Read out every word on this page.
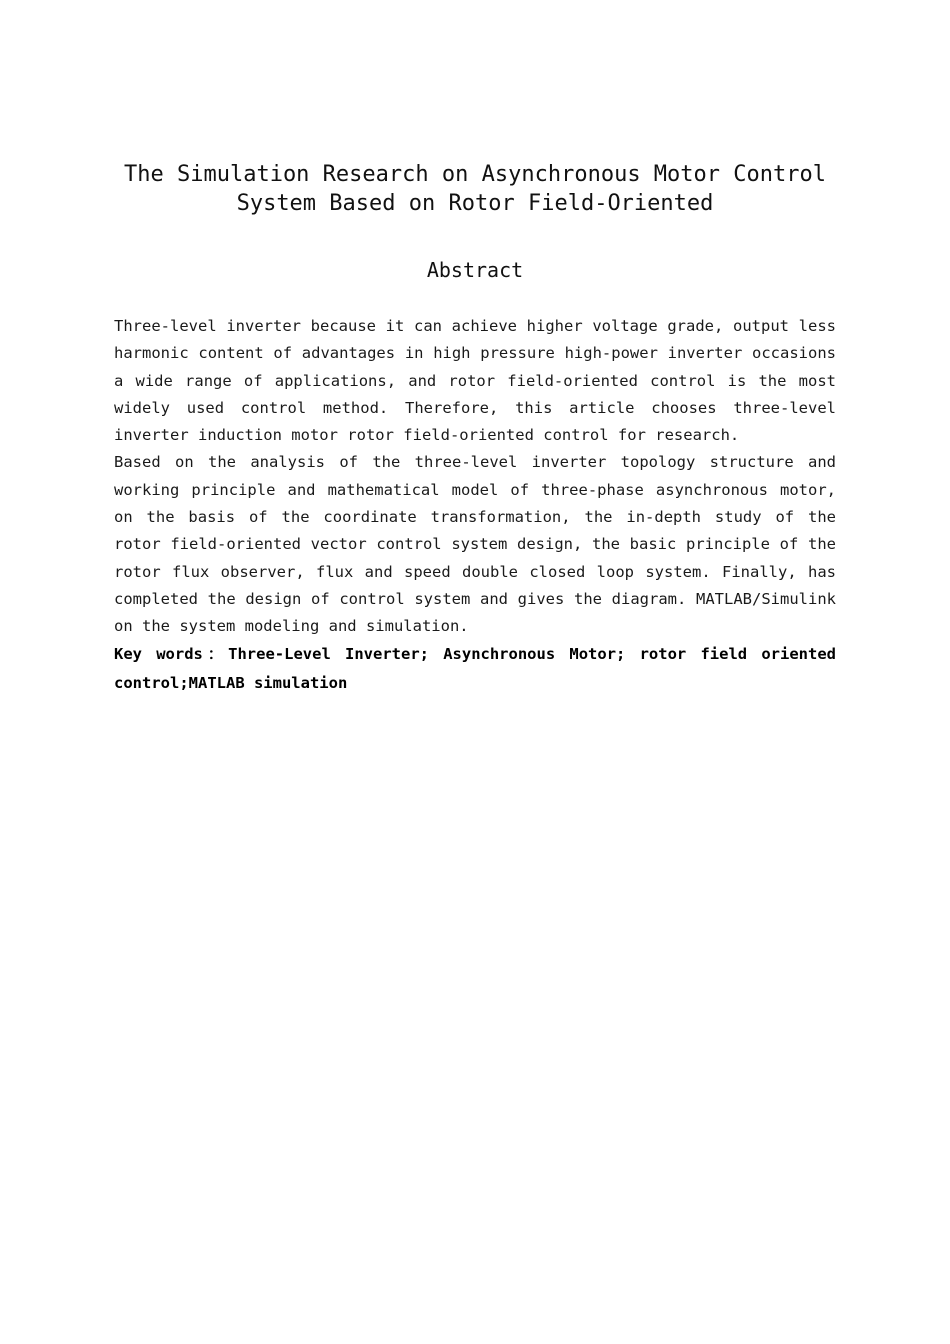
The Simulation Research on Asynchronous Motor Control
System Based on Rotor Field-Oriented
Abstract

Three-level inverter because it can achieve higher voltage grade, output less harmonic content of advantages in high pressure high-power inverter occasions a wide range of applications, and rotor field-oriented control is the most widely used control method. Therefore, this article chooses three-level inverter induction motor rotor field-oriented control for research.

Based on the analysis of the three-level inverter topology structure and working principle and mathematical model of three-phase asynchronous motor, on the basis of the coordinate transformation, the in-depth study of the rotor field-oriented vector control system design, the basic principle of the rotor flux observer, flux and speed double closed loop system. Finally, has completed the design of control system and gives the diagram. MATLAB/Simulink on the system modeling and simulation.

Key words：Three-Level Inverter; Asynchronous Motor; rotor field oriented control;MATLAB simulation
